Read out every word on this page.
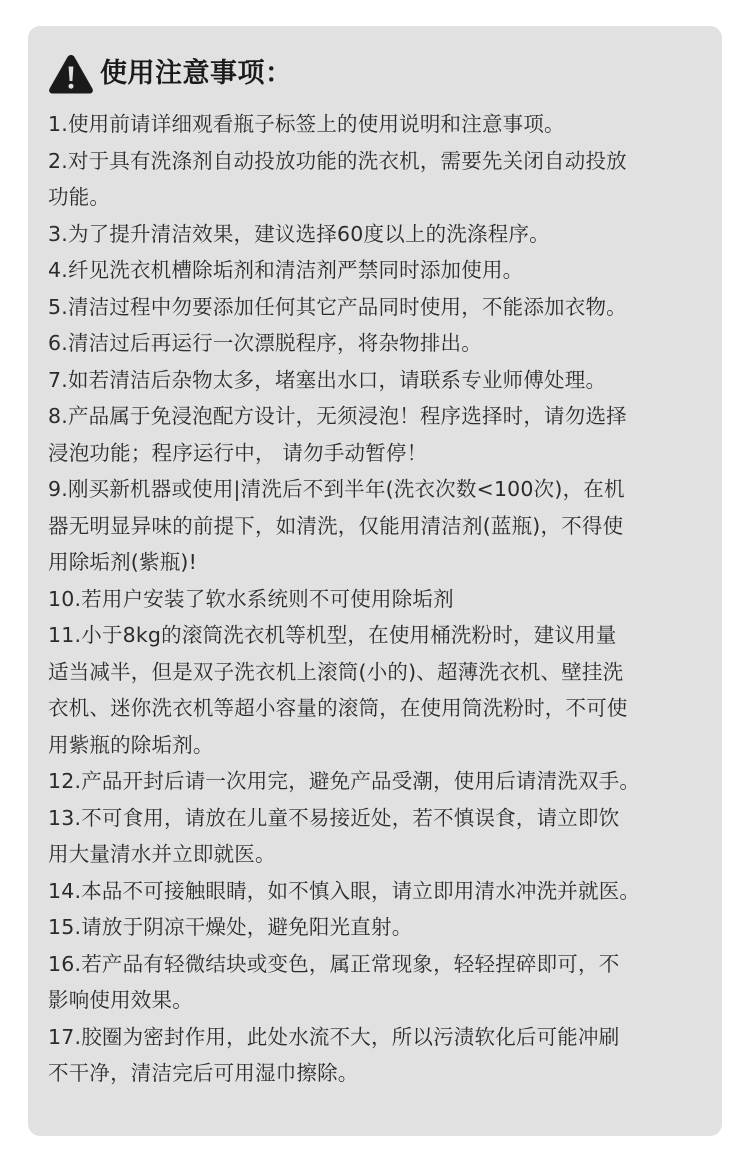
使用注意事项：
1.使用前请详细观看瓶子标签上的使用说明和注意事项。
2.对于具有洗涤剂自动投放功能的洗衣机，需要先关闭自动投放
功能。
3.为了提升清洁效果，建议选择60度以上的洗涤程序。
4.纤见洗衣机槽除垢剂和清洁剂严禁同时添加使用。
5.清洁过程中勿要添加任何其它产品同时使用，不能添加衣物。
6.清洁过后再运行一次漂脱程序，将杂物排出。
7.如若清洁后杂物太多，堵塞出水口，请联系专业师傅处理。
8.产品属于免浸泡配方设计，无须浸泡！程序选择时，请勿选择
浸泡功能；程序运行中， 请勿手动暂停！
9.刚买新机器或使用|清洗后不到半年(洗衣次数<100次)，在机
器无明显异味的前提下，如清洗，仅能用清洁剂(蓝瓶)，不得使
用除垢剂(紫瓶)!
10.若用户安装了软水系统则不可使用除垢剂
11.小于8kg的滚筒洗衣机等机型，在使用桶洗粉时，建议用量
适当减半，但是双子洗衣机上滚筒(小的)、超薄洗衣机、壁挂洗
衣机、迷你洗衣机等超小容量的滚筒，在使用筒洗粉时，不可使
用紫瓶的除垢剂。
12.产品开封后请一次用完，避免产品受潮，使用后请清洗双手。
13.不可食用，请放在儿童不易接近处，若不慎误食，请立即饮
用大量清水并立即就医。
14.本品不可接触眼睛，如不慎入眼，请立即用清水冲洗并就医。
15.请放于阴凉干燥处，避免阳光直射。
16.若产品有轻微结块或变色，属正常现象，轻轻捏碎即可，不
影响使用效果。
17.胶圈为密封作用，此处水流不大，所以污渍软化后可能冲刷
不干净，清洁完后可用湿巾擦除。
